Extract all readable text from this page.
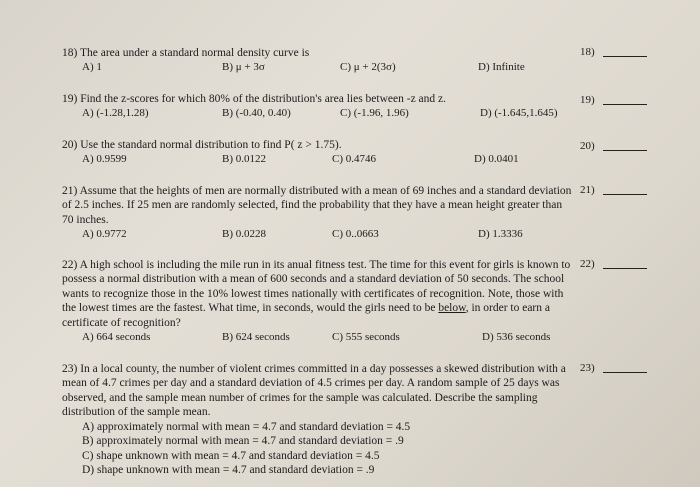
18) The area under a standard normal density curve is
A) 1	B) μ + 3σ	C) μ + 2(3σ)	D) Infinite
18)
19) Find the z-scores for which 80% of the distribution's area lies between -z and z.
A) (-1.28,1.28)	B) (-0.40, 0.40)	C) (-1.96, 1.96)	D) (-1.645,1.645)
19)
20) Use the standard normal distribution to find P( z > 1.75).
A) 0.9599	B) 0.0122	C) 0.4746	D) 0.0401
20)
21) Assume that the heights of men are normally distributed with a mean of 69 inches and a standard deviation of 2.5 inches. If 25 men are randomly selected, find the probability that they have a mean height greater than 70 inches.
A) 0.9772	B) 0.0228	C) 0..0663	D) 1.3336
21)
22) A high school is including the mile run in its anual fitness test. The time for this event for girls is known to possess a normal distribution with a mean of 600 seconds and a standard deviation of 50 seconds. The school wants to recognize those in the 10% lowest times nationally with certificates of recognition. Note, those with the lowest times are the fastest. What time, in seconds, would the girls need to be below, in order to earn a certificate of recognition?
A) 664 seconds	B) 624 seconds	C) 555 seconds	D) 536 seconds
22)
23) In a local county, the number of violent crimes committed in a day possesses a skewed distribution with a mean of 4.7 crimes per day and a standard deviation of 4.5 crimes per day. A random sample of 25 days was observed, and the sample mean number of crimes for the sample was calculated. Describe the sampling distribution of the sample mean.
A) approximately normal with mean = 4.7 and standard deviation = 4.5
B) approximately normal with mean = 4.7 and standard deviation = .9
C) shape unknown with mean = 4.7 and standard deviation = 4.5
D) shape unknown with mean = 4.7 and standard deviation = .9
23)
